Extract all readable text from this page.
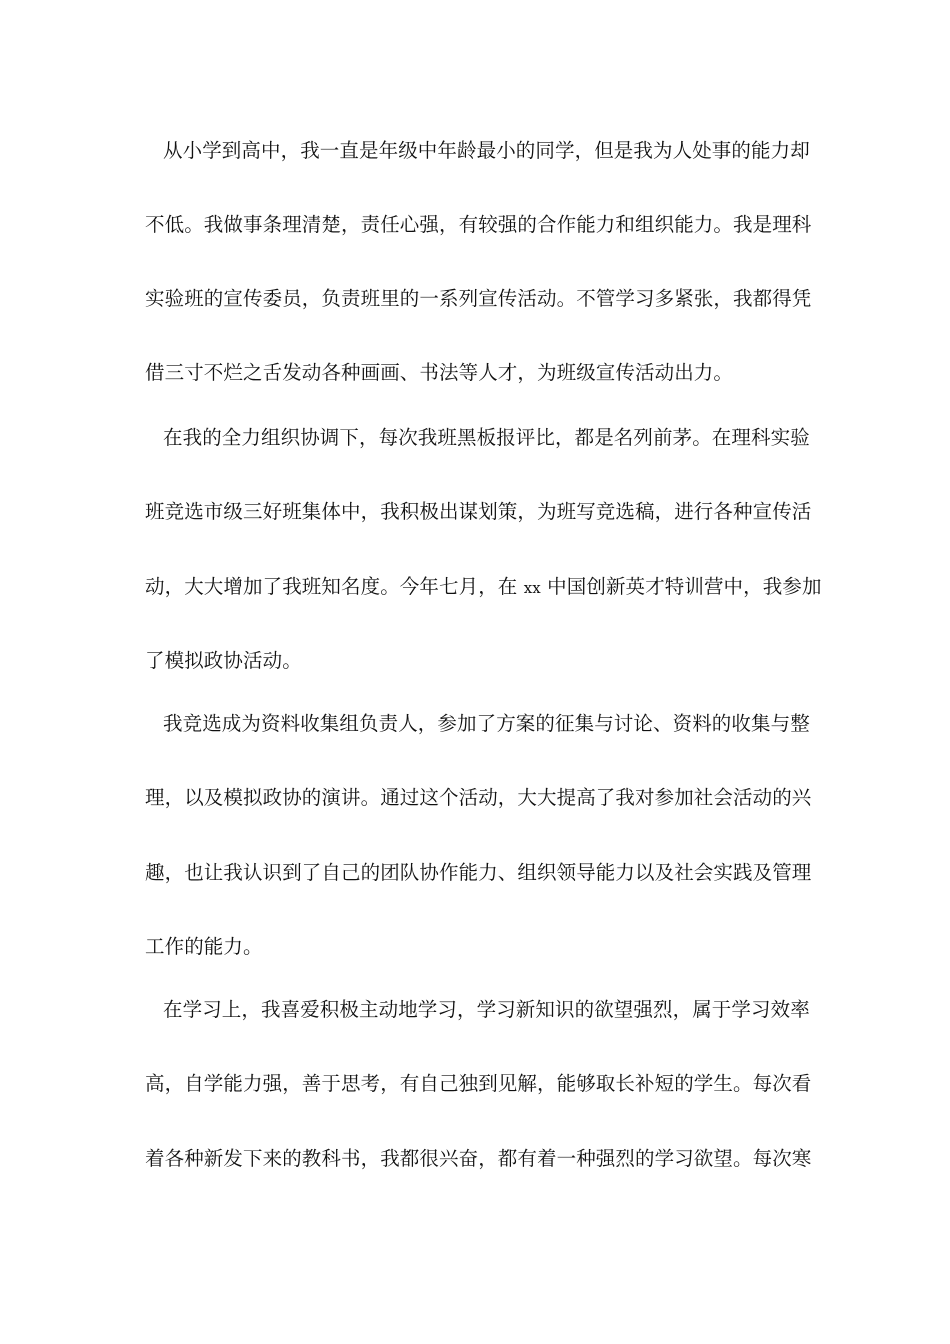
从小学到高中，我一直是年级中年龄最小的同学，但是我为人处事的能力却
不低。我做事条理清楚，责任心强，有较强的合作能力和组织能力。我是理科
实验班的宣传委员，负责班里的一系列宣传活动。不管学习多紧张，我都得凭
借三寸不烂之舌发动各种画画、书法等人才，为班级宣传活动出力。
在我的全力组织协调下，每次我班黑板报评比，都是名列前茅。在理科实验
班竞选市级三好班集体中，我积极出谋划策，为班写竞选稿，进行各种宣传活
动，大大增加了我班知名度。今年七月，在 xx 中国创新英才特训营中，我参加
了模拟政协活动。
我竞选成为资料收集组负责人，参加了方案的征集与讨论、资料的收集与整
理，以及模拟政协的演讲。通过这个活动，大大提高了我对参加社会活动的兴
趣，也让我认识到了自己的团队协作能力、组织领导能力以及社会实践及管理
工作的能力。
在学习上，我喜爱积极主动地学习，学习新知识的欲望强烈，属于学习效率
高，自学能力强，善于思考，有自己独到见解，能够取长补短的学生。每次看
着各种新发下来的教科书，我都很兴奋，都有着一种强烈的学习欲望。每次寒
